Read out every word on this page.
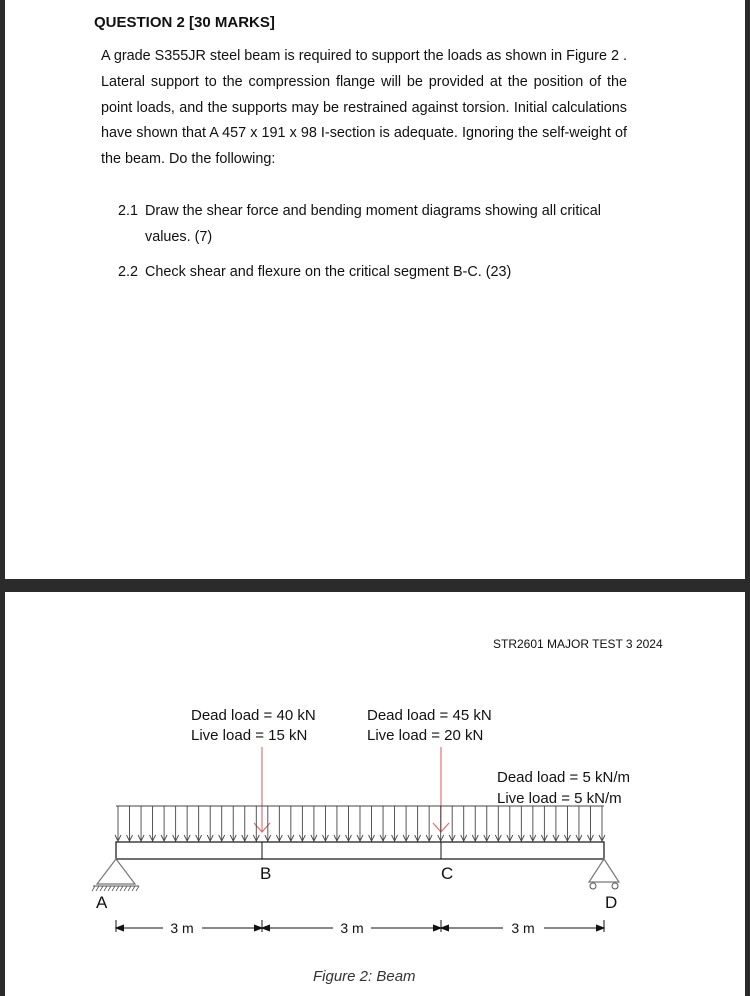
QUESTION 2 [30 MARKS]
A grade S355JR steel beam is required to support the loads as shown in Figure 2 . Lateral support to the compression flange will be provided at the position of the point loads, and the supports may be restrained against torsion. Initial calculations have shown that A 457 x 191 x 98 I-section is adequate. Ignoring the self-weight of the beam. Do the following:
2.1 Draw the shear force and bending moment diagrams showing all critical
values. (7)
2.2 Check shear and flexure on the critical segment B-C. (23)
STR2601 MAJOR TEST 3 2024
Dead load = 40 kN
Live load = 15 kN
Dead load = 45 kN
Live load = 20 kN
Dead load = 5 kN/m
Live load = 5 kN/m
A
B	C
D
3 m	3 m	3 m
Figure 2: Beam
